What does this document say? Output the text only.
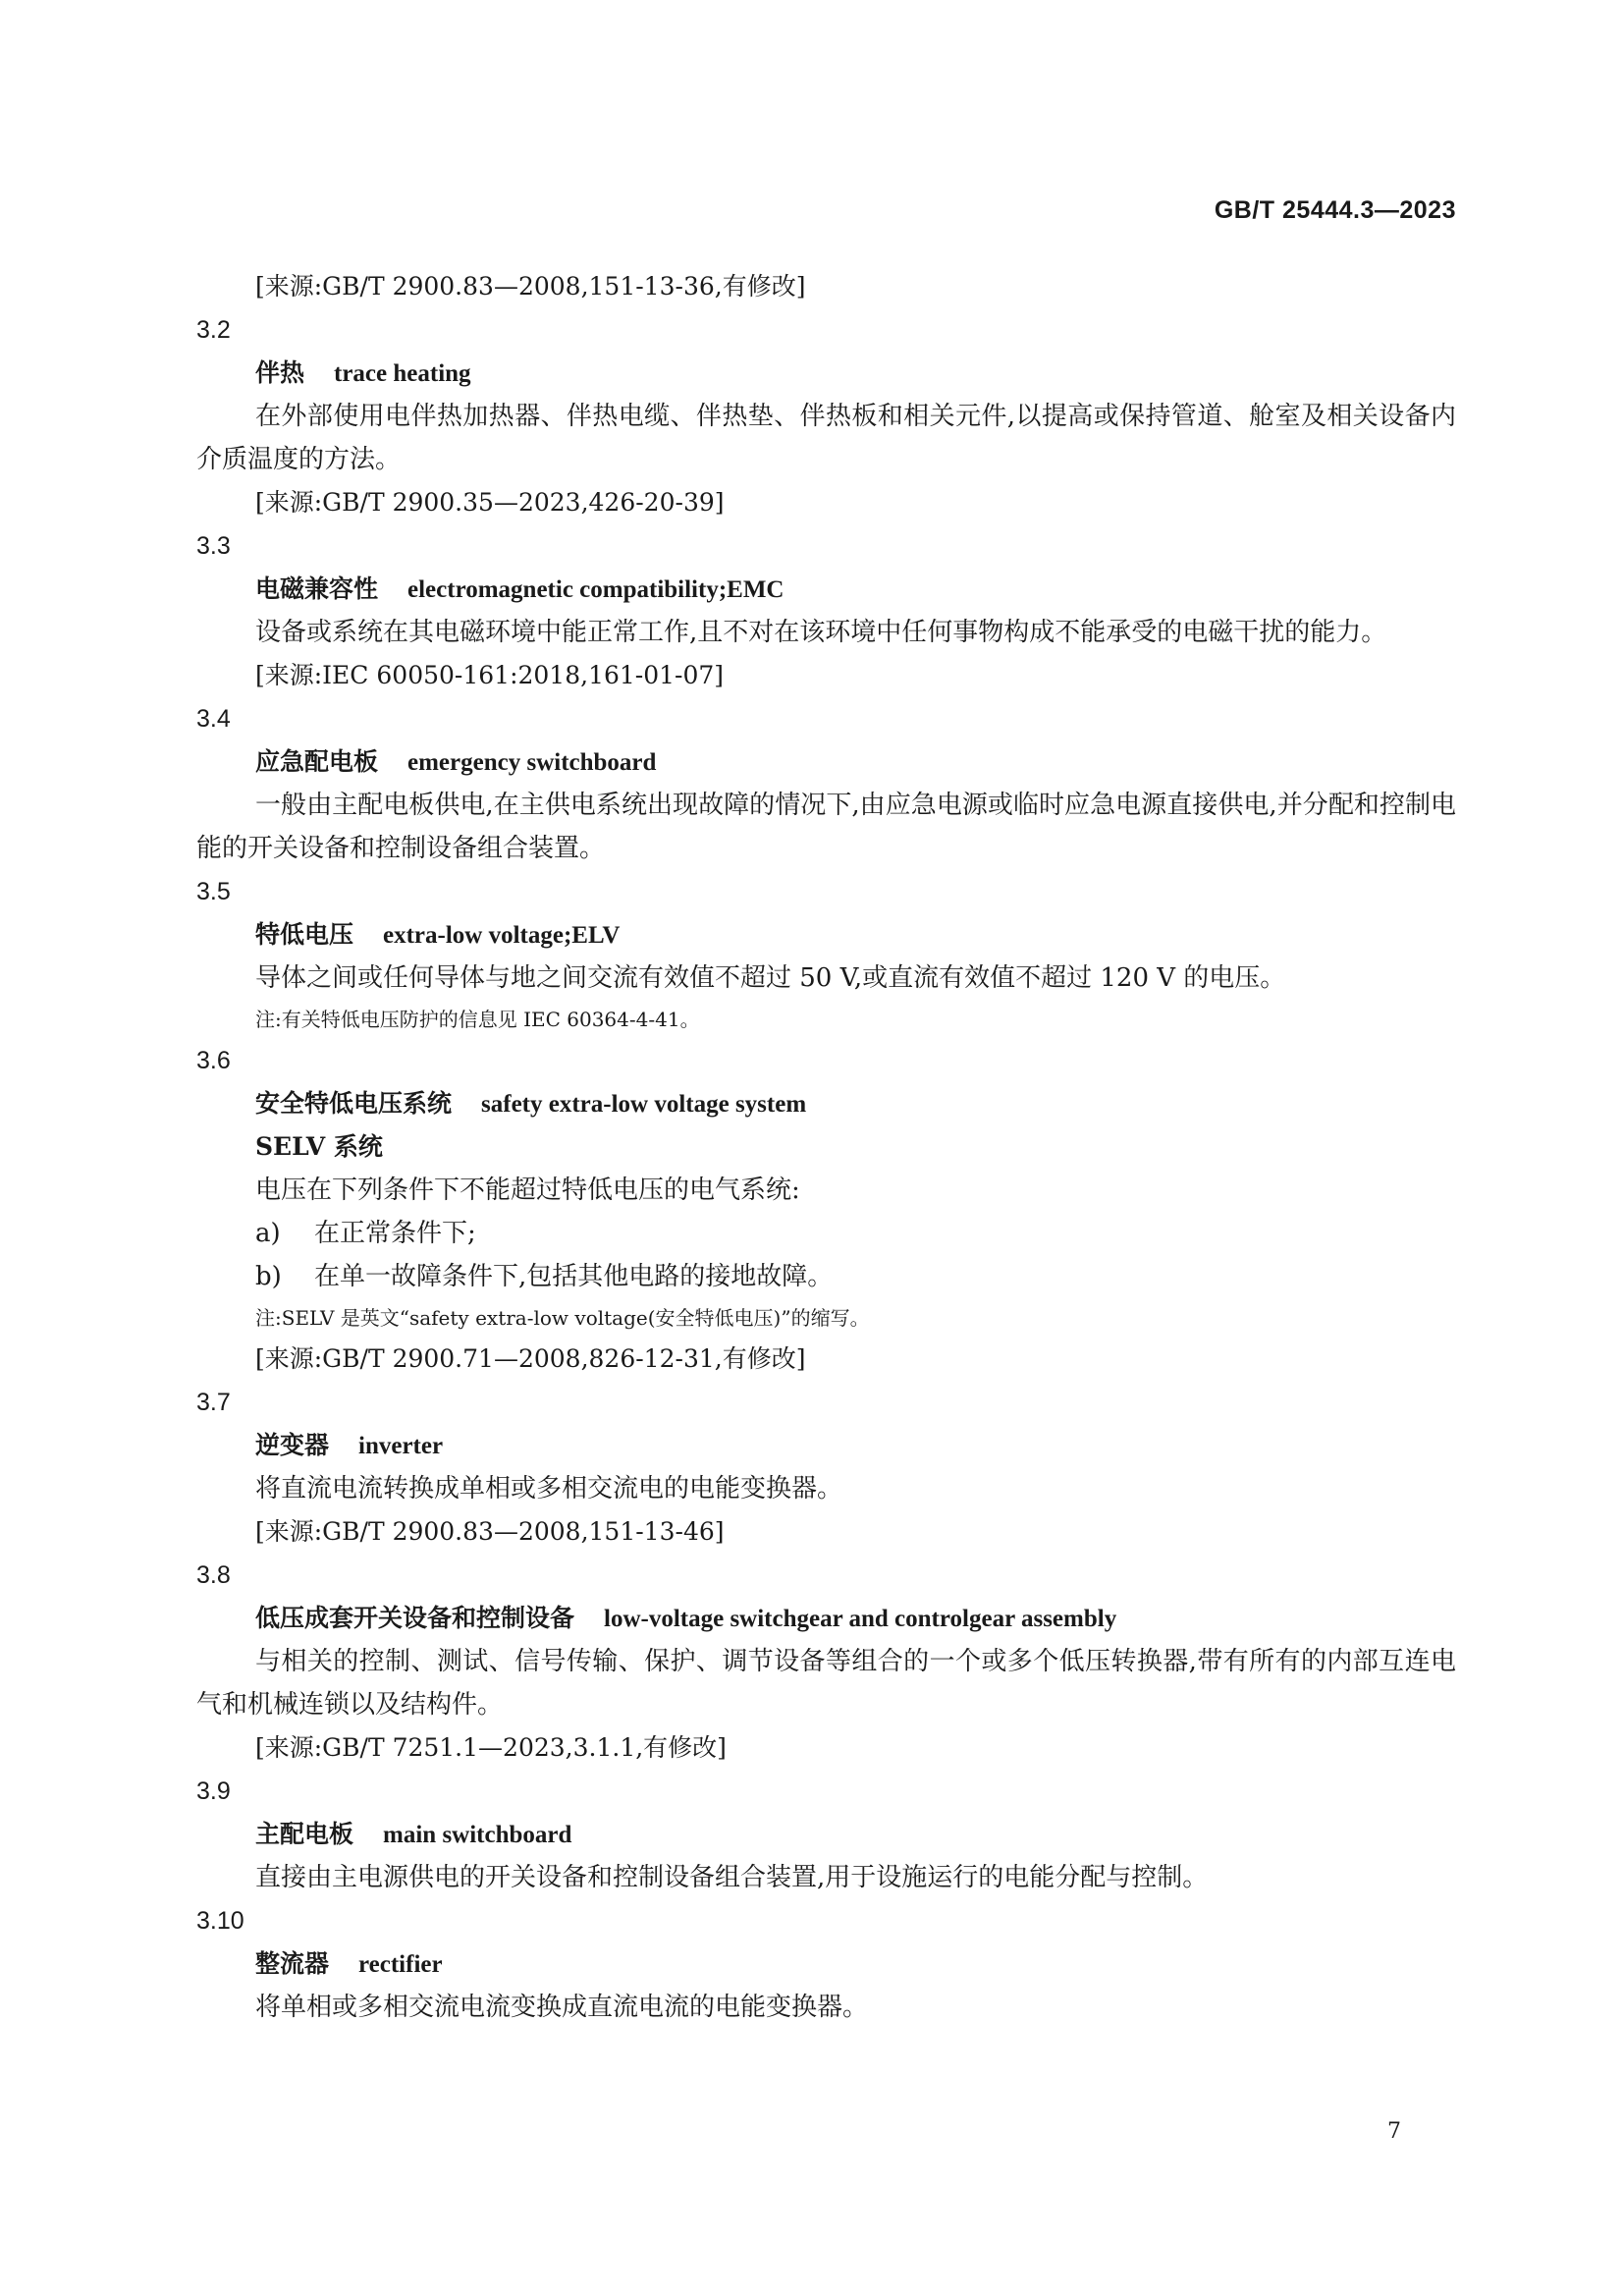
GB/T 25444.3—2023
[来源:GB/T 2900.83—2008,151-13-36,有修改]
3.2
伴热 trace heating
在外部使用电伴热加热器、伴热电缆、伴热垫、伴热板和相关元件,以提高或保持管道、舱室及相关设备内介质温度的方法。
[来源:GB/T 2900.35—2023,426-20-39]
3.3
电磁兼容性 electromagnetic compatibility;EMC
设备或系统在其电磁环境中能正常工作,且不对在该环境中任何事物构成不能承受的电磁干扰的能力。
[来源:IEC 60050-161:2018,161-01-07]
3.4
应急配电板 emergency switchboard
一般由主配电板供电,在主供电系统出现故障的情况下,由应急电源或临时应急电源直接供电,并分配和控制电能的开关设备和控制设备组合装置。
3.5
特低电压 extra-low voltage;ELV
导体之间或任何导体与地之间交流有效值不超过 50 V,或直流有效值不超过 120 V 的电压。
注:有关特低电压防护的信息见 IEC 60364-4-41。
3.6
安全特低电压系统 safety extra-low voltage system
SELV 系统
电压在下列条件下不能超过特低电压的电气系统:
a) 在正常条件下;
b) 在单一故障条件下,包括其他电路的接地故障。
注:SELV 是英文“safety extra-low voltage(安全特低电压)”的缩写。
[来源:GB/T 2900.71—2008,826-12-31,有修改]
3.7
逆变器 inverter
将直流电流转换成单相或多相交流电的电能变换器。
[来源:GB/T 2900.83—2008,151-13-46]
3.8
低压成套开关设备和控制设备 low-voltage switchgear and controlgear assembly
与相关的控制、测试、信号传输、保护、调节设备等组合的一个或多个低压转换器,带有所有的内部互连电气和机械连锁以及结构件。
[来源:GB/T 7251.1—2023,3.1.1,有修改]
3.9
主配电板 main switchboard
直接由主电源供电的开关设备和控制设备组合装置,用于设施运行的电能分配与控制。
3.10
整流器 rectifier
将单相或多相交流电流变换成直流电流的电能变换器。
7
